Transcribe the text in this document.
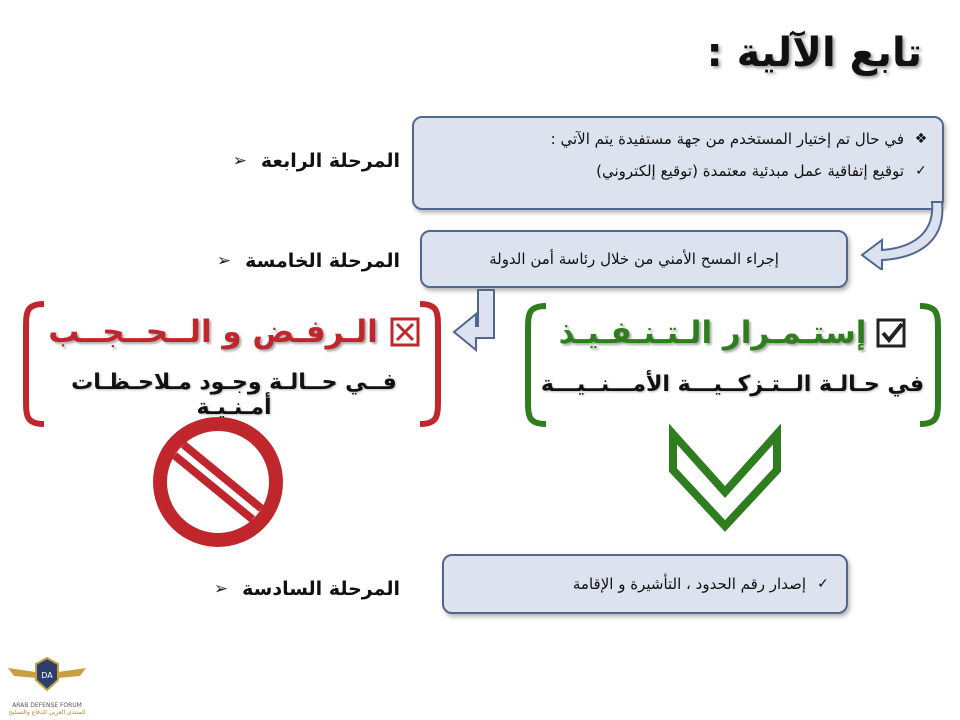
تابع الآلية :
المرحلة الرابعة
➢
المرحلة الخامسة
➢
المرحلة السادسة
➢
❖
في حال تم إختيار المستخدم من جهة مستفيدة يتم الآتي :
✓
توقيع إتفاقية عمل مبدئية معتمدة (توقيع إلكتروني)
إجراء المسح الأمني من خلال رئاسة أمن الدولة
إستـمـرار الـتـنـفـيـذ
في حـالـة الــتـزكــيـــة الأمـــنــيـــة
الـرفـض و الــحــجــب
فــي حــالـة وجـود مـلاحـظـات أمـنـيـة
✓
إصدار رقم الحدود ، التأشيرة و الإقامة
DA
ARAB DEFENSE FORUM
المنتدى العربي للدفاع والتسليح
